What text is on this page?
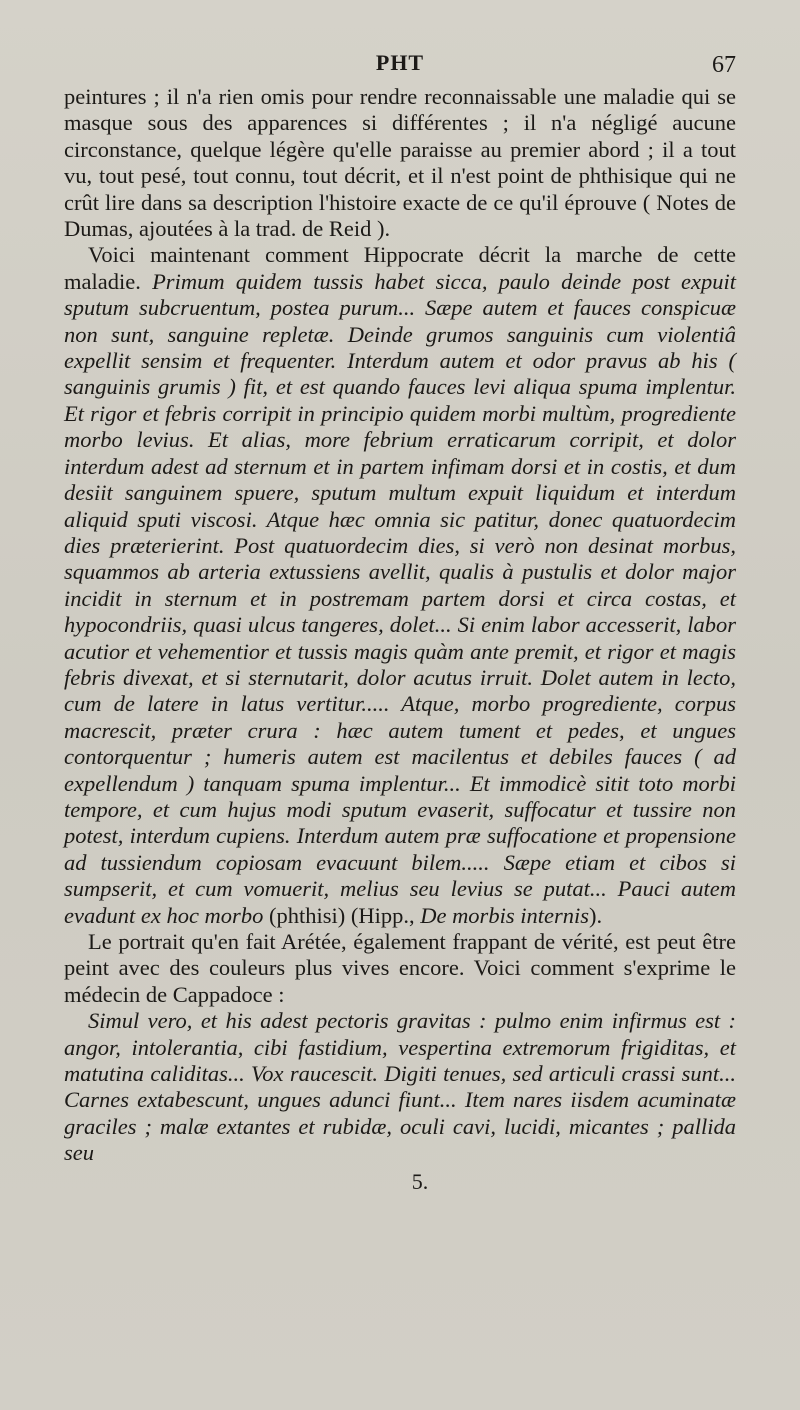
PHT	67

peintures ; il n'a rien omis pour rendre reconnaissable une maladie qui se masque sous des apparences si différentes ; il n'a négligé aucune circonstance, quelque légère qu'elle paraisse au premier abord ; il a tout vu, tout pesé, tout connu, tout décrit, et il n'est point de phthisique qui ne crût lire dans sa description l'histoire exacte de ce qu'il éprouve ( Notes de Dumas, ajoutées à la trad. de Reid ).

Voici maintenant comment Hippocrate décrit la marche de cette maladie. Primum quidem tussis habet sicca, paulo deinde post expuit sputum subcruentum, postea purum... Sæpe autem et fauces conspicuæ non sunt, sanguine repletæ. Deinde grumos sanguinis cum violentiâ expellit sensim et frequenter. Interdum autem et odor pravus ab his ( sanguinis grumis ) fit, et est quando fauces levi aliqua spuma implentur. Et rigor et febris corripit in principio quidem morbi multùm, progrediente morbo levius. Et alias, more febrium erraticarum corripit, et dolor interdum adest ad sternum et in partem infimam dorsi et in costis, et dum desiit sanguinem spuere, sputum multum expuit liquidum et interdum aliquid sputi viscosi. Atque hæc omnia sic patitur, donec quatuordecim dies præterierint. Post quatuordecim dies, si verò non desinat morbus, squammos ab arteria extussiens avellit, qualis à pustulis et dolor major incidit in sternum et in postremam partem dorsi et circa costas, et hypocondriis, quasi ulcus tangeres, dolet... Si enim labor accesserit, labor acutior et vehementior et tussis magis quàm ante premit, et rigor et magis febris divexat, et si sternutarit, dolor acutus irruit. Dolet autem in lecto, cum de latere in latus vertitur..... Atque, morbo progrediente, corpus macrescit, præter crura : hæc autem tument et pedes, et ungues contorquentur ; humeris autem est macilentus et debiles fauces ( ad expellendum ) tanquam spuma implentur... Et immodicè sitit toto morbi tempore, et cum hujus modi sputum evaserit, suffocatur et tussire non potest, interdum cupiens. Interdum autem præ suffocatione et propensione ad tussiendum copiosam evacuunt bilem..... Sæpe etiam et cibos si sumpserit, et cum vomuerit, melius seu levius se putat... Pauci autem evadunt ex hoc morbo (phthisi) (Hipp., De morbis internis).

Le portrait qu'en fait Arétée, également frappant de vérité, est peut être peint avec des couleurs plus vives encore. Voici comment s'exprime le médecin de Cappadoce :

Simul vero, et his adest pectoris gravitas : pulmo enim infirmus est : angor, intolerantia, cibi fastidium, vespertina extremorum frigiditas, et matutina caliditas... Vox raucescit. Digiti tenues, sed articuli crassi sunt... Carnes extabescunt, ungues adunci fiunt... Item nares iisdem acuminatæ graciles ; malæ extantes et rubidæ, oculi cavi, lucidi, micantes ; pallida seu

5.
